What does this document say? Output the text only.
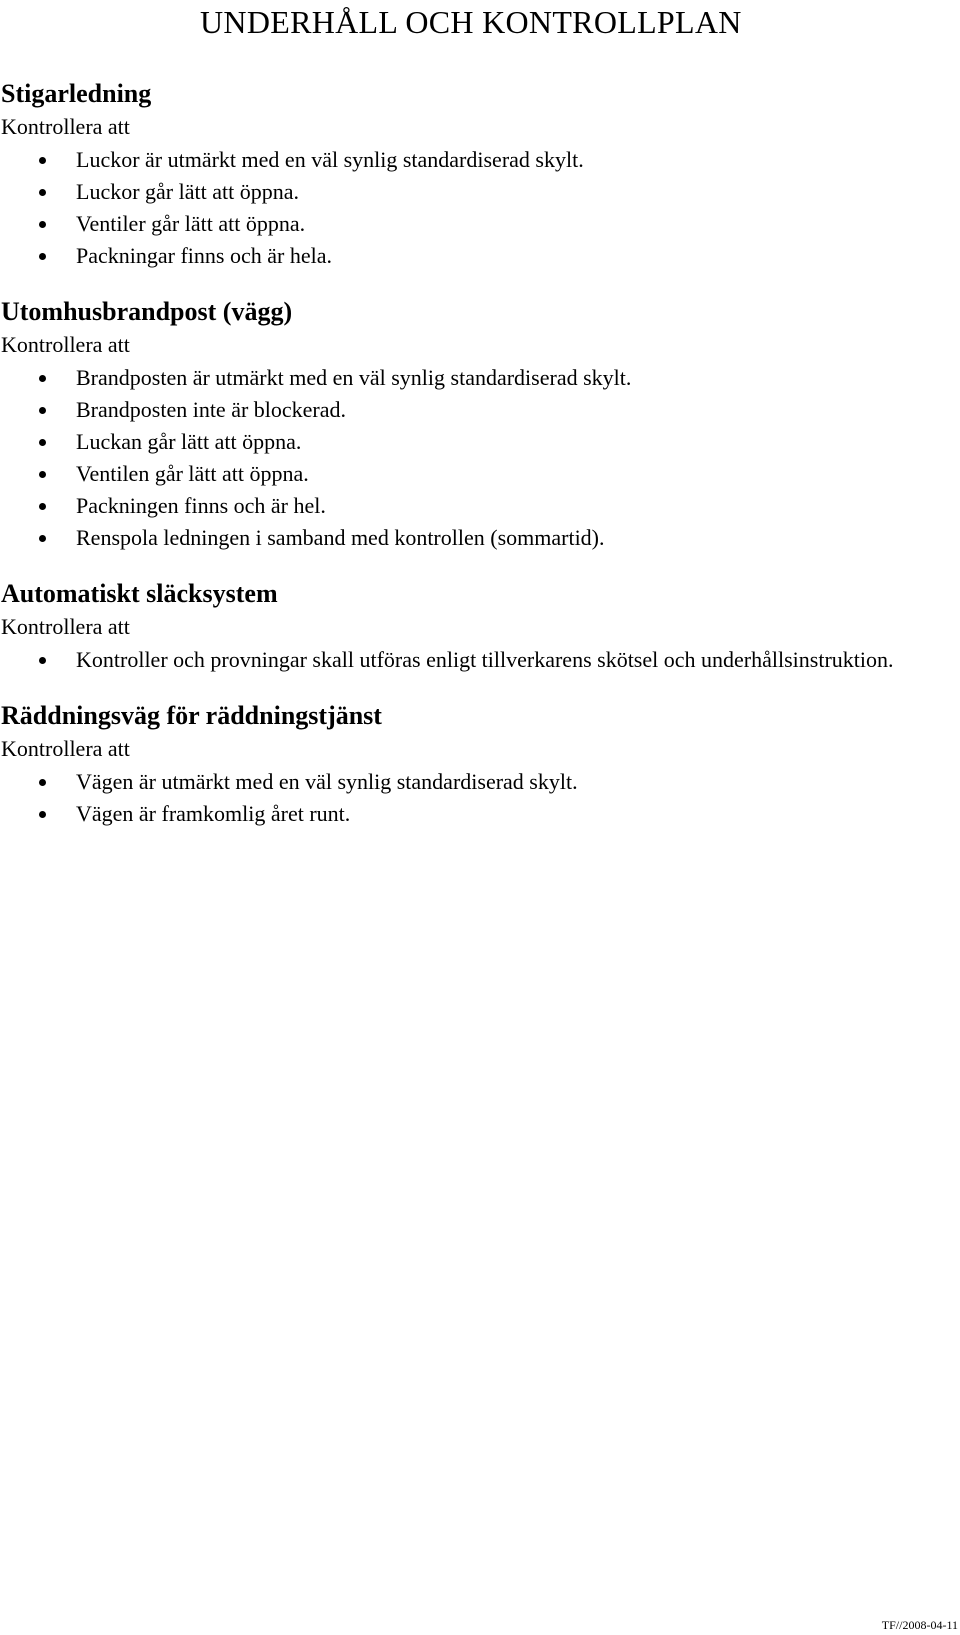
UNDERHÅLL OCH KONTROLLPLAN
Stigarledning

Kontrollera att

Luckor är utmärkt med en väl synlig standardiserad skylt.
Luckor går lätt att öppna.
Ventiler går lätt att öppna.
Packningar finns och är hela.
Utomhusbrandpost (vägg)

Kontrollera att

Brandposten är utmärkt med en väl synlig standardiserad skylt.
Brandposten inte är blockerad.
Luckan går lätt att öppna.
Ventilen går lätt att öppna.
Packningen finns och är hel.
Renspola ledningen i samband med kontrollen (sommartid).
Automatiskt släcksystem

Kontrollera att

Kontroller och provningar skall utföras enligt tillverkarens skötsel och underhållsinstruktion.
Räddningsväg för räddningstjänst

Kontrollera att

Vägen är utmärkt med en väl synlig standardiserad skylt.
Vägen är framkomlig året runt.
TF//2008-04-11
